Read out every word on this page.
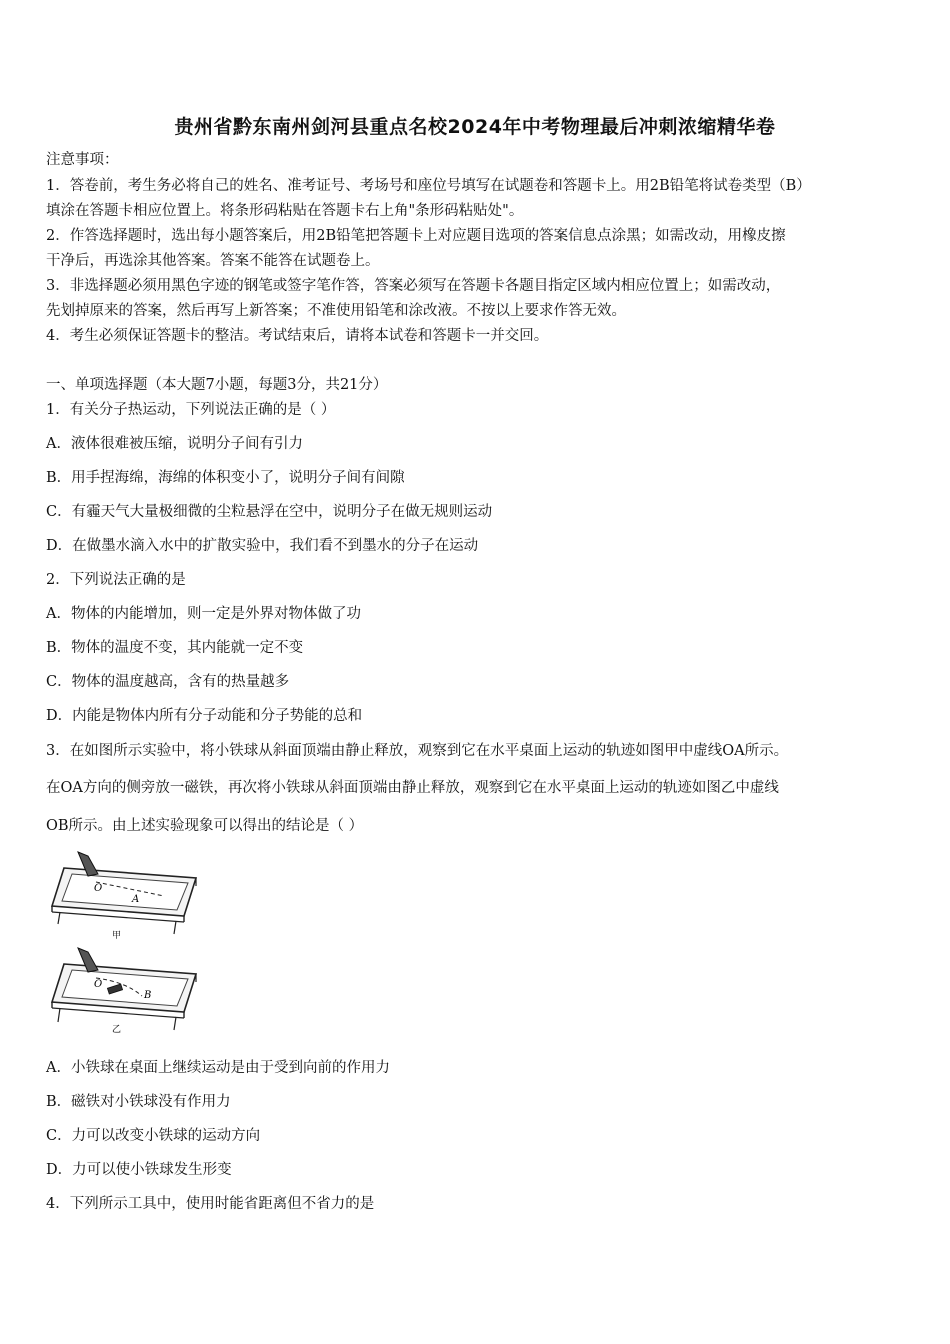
贵州省黔东南州剑河县重点名校2024年中考物理最后冲刺浓缩精华卷
注意事项：
1．答卷前，考生务必将自己的姓名、准考证号、考场号和座位号填写在试题卷和答题卡上。用2B铅笔将试卷类型（B）
填涂在答题卡相应位置上。将条形码粘贴在答题卡右上角"条形码粘贴处"。
2．作答选择题时，选出每小题答案后，用2B铅笔把答题卡上对应题目选项的答案信息点涂黑；如需改动，用橡皮擦
干净后，再选涂其他答案。答案不能答在试题卷上。
3．非选择题必须用黑色字迹的钢笔或签字笔作答，答案必须写在答题卡各题目指定区域内相应位置上；如需改动，
先划掉原来的答案，然后再写上新答案；不准使用铅笔和涂改液。不按以上要求作答无效。
4．考生必须保证答题卡的整洁。考试结束后，请将本试卷和答题卡一并交回。
一、单项选择题（本大题7小题，每题3分，共21分）
1．有关分子热运动，下列说法正确的是（ ）
A．液体很难被压缩，说明分子间有引力
B．用手捏海绵，海绵的体积变小了，说明分子间有间隙
C．有霾天气大量极细微的尘粒悬浮在空中，说明分子在做无规则运动
D．在做墨水滴入水中的扩散实验中，我们看不到墨水的分子在运动
2．下列说法正确的是
A．物体的内能增加，则一定是外界对物体做了功
B．物体的温度不变，其内能就一定不变
C．物体的温度越高，含有的热量越多
D．内能是物体内所有分子动能和分子势能的总和
3．在如图所示实验中，将小铁球从斜面顶端由静止释放，观察到它在水平桌面上运动的轨迹如图甲中虚线OA所示。
在OA方向的侧旁放一磁铁，再次将小铁球从斜面顶端由静止释放，观察到它在水平桌面上运动的轨迹如图乙中虚线
OB所示。由上述实验现象可以得出的结论是（ ）
O
A
甲
O
B
乙
A．小铁球在桌面上继续运动是由于受到向前的作用力
B．磁铁对小铁球没有作用力
C．力可以改变小铁球的运动方向
D．力可以使小铁球发生形变
4．下列所示工具中，使用时能省距离但不省力的是
